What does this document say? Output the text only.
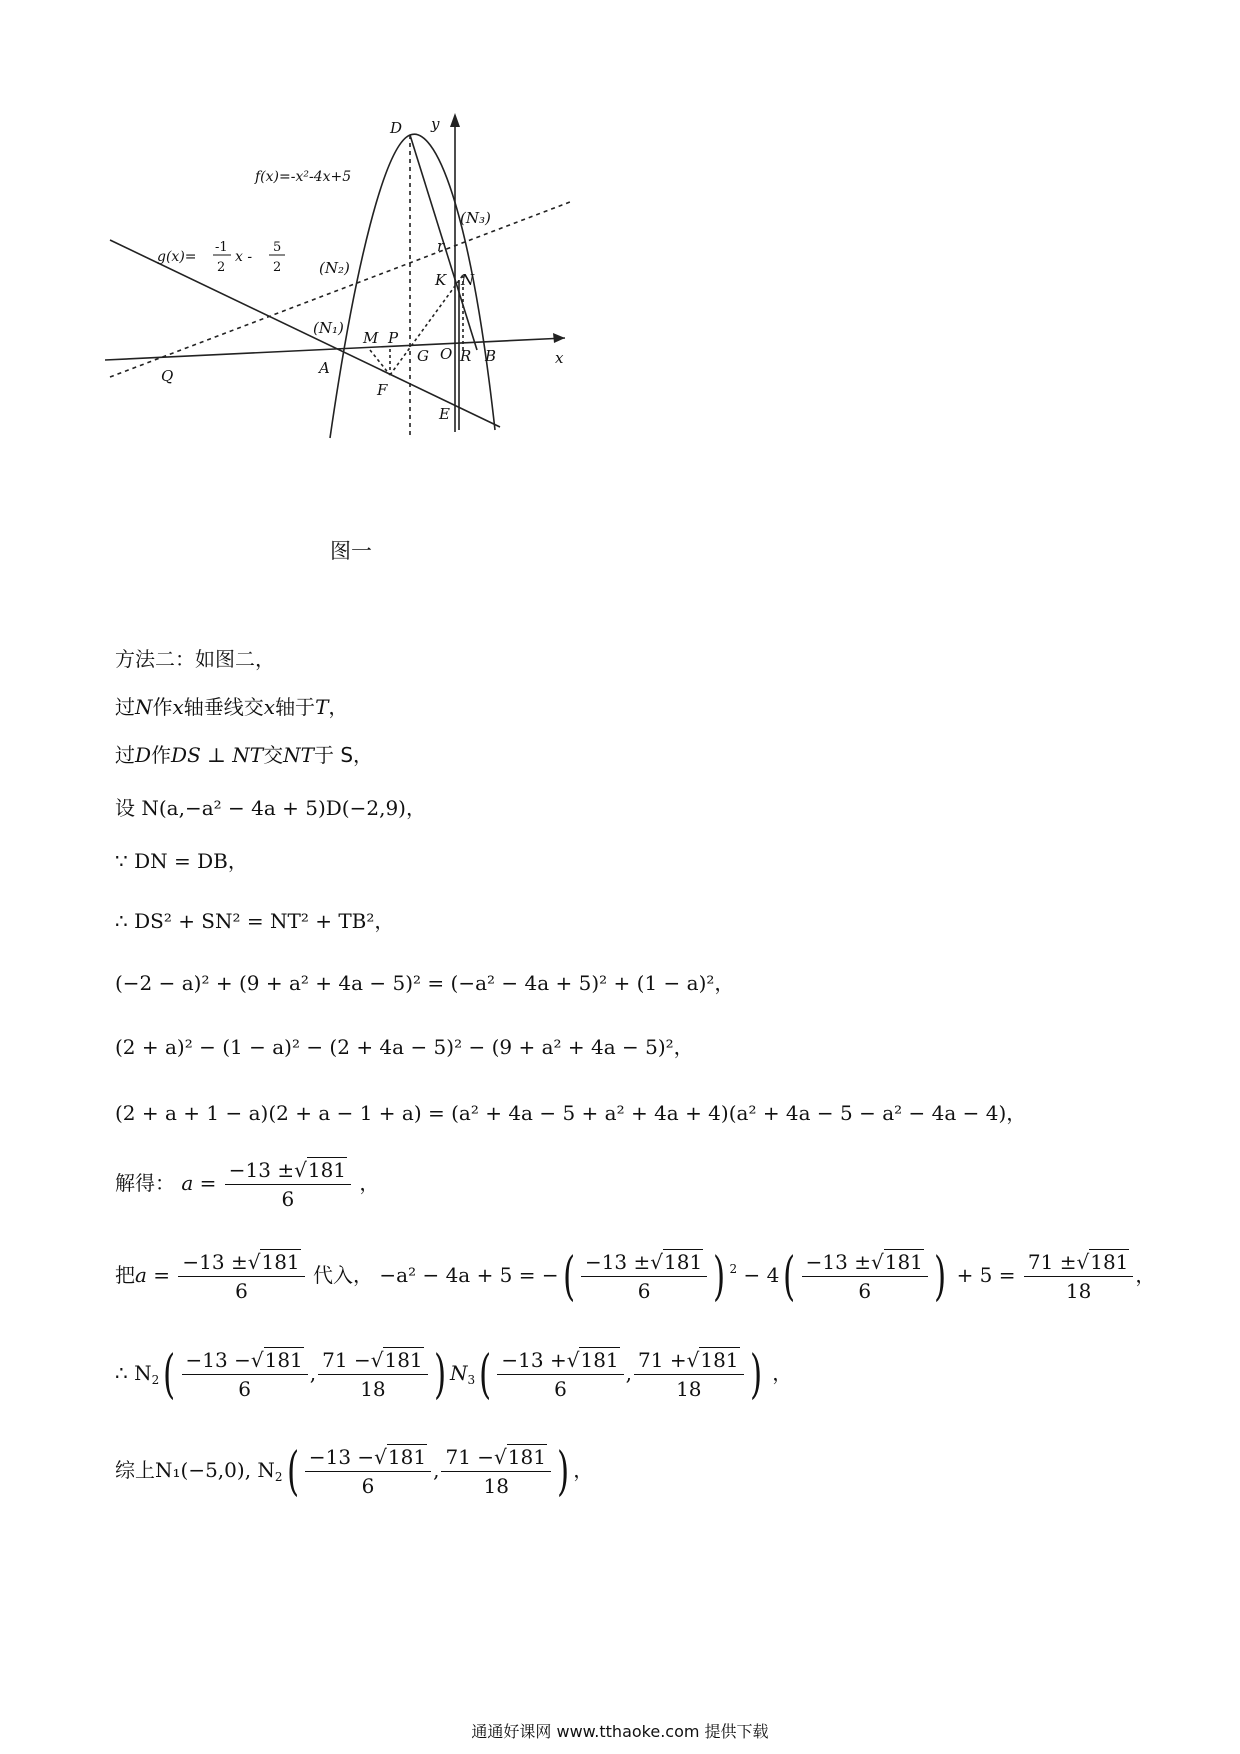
D y
x
(N₃)
r
K N
(N₂)
(N₁)
M P
G O R B
A
Q
F
E
f(x)=-x²-4x+5
g(x)=
-1
2
x -
5
2
图一
方法二：如图二，
过N作x轴垂线交x轴于T，
过D作DS ⊥ NT交NT于 S，
设 N(a,−a² − 4a + 5)D(−2,9)，
∵ DN = DB，
∴ DS² + SN² = NT² + TB²，
(−2 − a)² + (9 + a² + 4a − 5)² = (−a² − 4a + 5)² + (1 − a)²，
(2 + a)² − (1 − a)² − (2 + 4a − 5)² − (9 + a² + 4a − 5)²，
(2 + a + 1 − a)(2 + a − 1 + a) = (a² + 4a − 5 + a² + 4a + 4)(a² + 4a − 5 − a² − 4a − 4)，
解得： $a = \frac{-13 \pm√181}{6}$ ，
把$a = \frac{-13 \pm√181}{6}$ 代入， −a² − 4a + 5 = −( $\frac{-13 \pm√181}{6}$ ) $^2 - 4( \frac{-13 \pm√181}{6}$ ) + $5 = \frac{71 \pm√181}{18}$ ，
∴ $N_2( \frac{-13 -√181}{6}$ , $\frac{71 -√181}{18}$ ) $N_3( \frac{-13 +√181}{6}$ , $\frac{71 +√181}{18}$ ) ，
综上N₁(−5,0), $N_2( \frac{-13 -√181}{6}$ , $\frac{71 -√181}{18}$ ) ，
通通好课网 www.tthaoke.com 提供下载
